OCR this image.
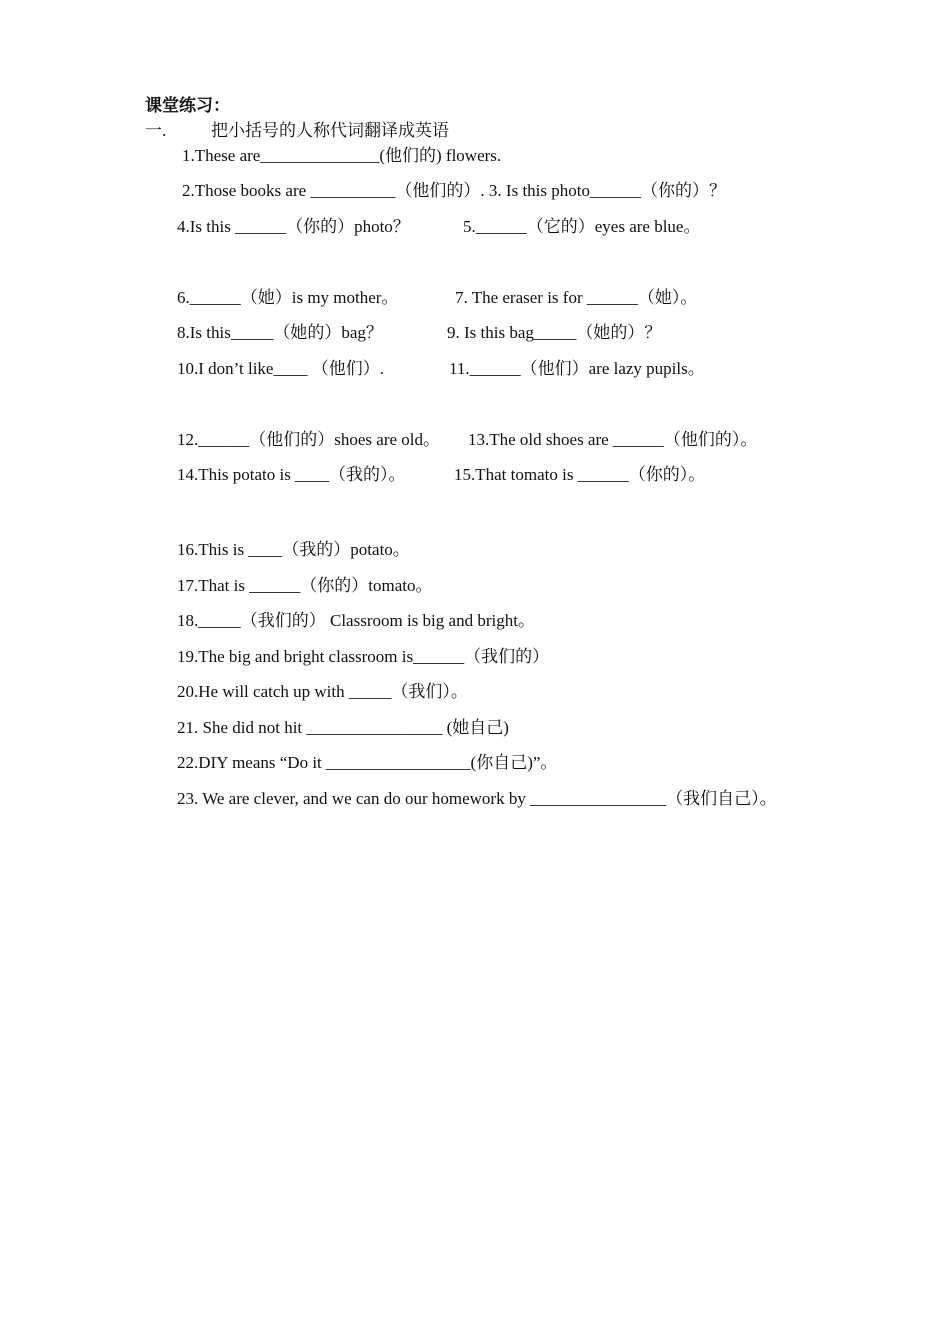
课堂练习：
一.	把小括号的人称代词翻译成英语
1.These are______________(他们的) flowers.
2.Those books are __________（他们的）. 3. Is this photo______（你的）？
4.Is this ______（你的）photo？	5.______（它的）eyes are blue。
6.______（她）is my mother。	7. The eraser is for ______（她）。
8.Is this_____（她的）bag？	9. Is this bag_____（她的）？
10.I don’t like____ （他们）.	11.______（他们）are lazy pupils。
12.______（他们的）shoes are old。 13.The old shoes are ______（他们的）。
14.This potato is ____（我的）。	15.That tomato is ______（你的）。
16.This is ____（我的）potato。
17.That is ______（你的）tomato。
18._____（我们的） Classroom is big and bright。
19.The big and bright classroom is______（我们的）
20.He will catch up with _____（我们）。
21. She did not hit ________________ (她自己)
22.DIY means “Do it _________________(你自己)”。
23. We are clever, and we can do our homework by ________________（我们自己）。
